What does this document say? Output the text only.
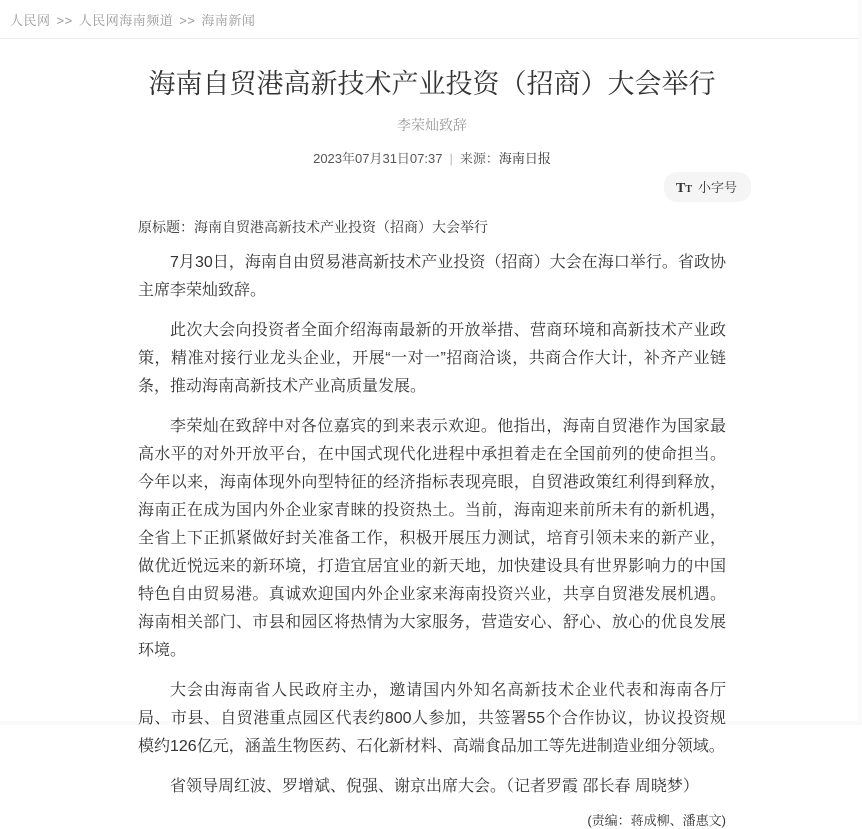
人民网 >> 人民网海南频道 >> 海南新闻
海南自贸港高新技术产业投资（招商）大会举行
李荣灿致辞
2023年07月31日07:37 | 来源：海南日报
TT 小字号
原标题：海南自贸港高新技术产业投资（招商）大会举行

7月30日，海南自由贸易港高新技术产业投资（招商）大会在海口举行。省政协主席李荣灿致辞。

此次大会向投资者全面介绍海南最新的开放举措、营商环境和高新技术产业政策，精准对接行业龙头企业，开展“一对一”招商洽谈，共商合作大计，补齐产业链条，推动海南高新技术产业高质量发展。

李荣灿在致辞中对各位嘉宾的到来表示欢迎。他指出，海南自贸港作为国家最高水平的对外开放平台，在中国式现代化进程中承担着走在全国前列的使命担当。今年以来，海南体现外向型特征的经济指标表现亮眼，自贸港政策红利得到释放，海南正在成为国内外企业家青睐的投资热土。当前，海南迎来前所未有的新机遇，全省上下正抓紧做好封关准备工作，积极开展压力测试，培育引领未来的新产业，做优近悦远来的新环境，打造宜居宜业的新天地，加快建设具有世界影响力的中国特色自由贸易港。真诚欢迎国内外企业家来海南投资兴业，共享自贸港发展机遇。海南相关部门、市县和园区将热情为大家服务，营造安心、舒心、放心的优良发展环境。

大会由海南省人民政府主办，邀请国内外知名高新技术企业代表和海南各厅局、市县、自贸港重点园区代表约800人参加，共签署55个合作协议，协议投资规模约126亿元，涵盖生物医药、石化新材料、高端食品加工等先进制造业细分领域。

省领导周红波、罗增斌、倪强、谢京出席大会。（记者罗霞 邵长春 周晓梦）

(责编：蒋成柳、潘惠文)
